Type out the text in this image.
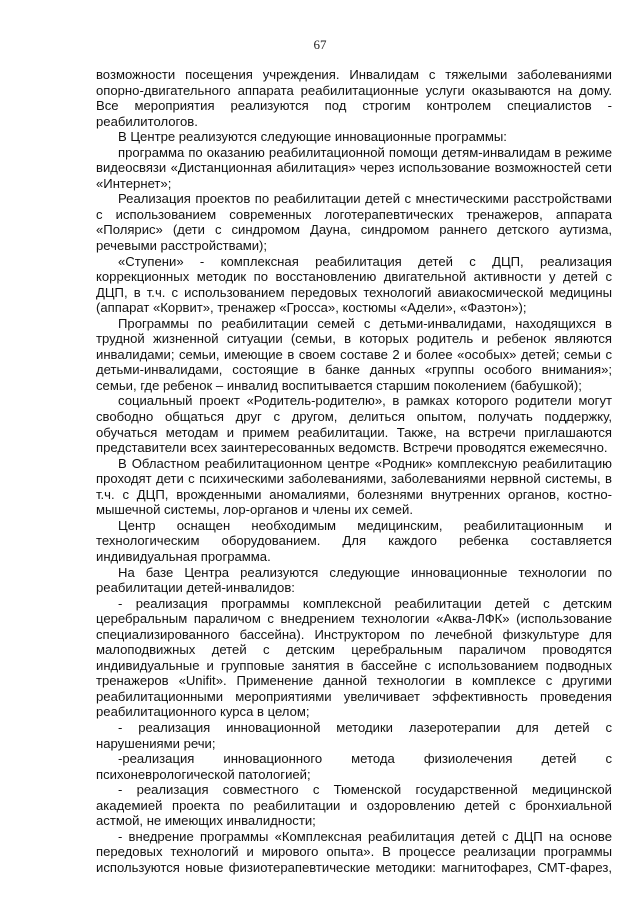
67

возможности посещения учреждения. Инвалидам с тяжелыми заболеваниями опорно-двигательного аппарата реабилитационные услуги оказываются на дому. Все мероприятия реализуются под строгим контролем специалистов - реабилитологов.

В Центре реализуются следующие инновационные программы:

программа по оказанию реабилитационной помощи детям-инвалидам в режиме видеосвязи «Дистанционная абилитация» через использование возможностей сети «Интернет»;

Реализация проектов по реабилитации детей с мнестическими расстройствами с использованием современных логотерапевтических тренажеров, аппарата «Полярис» (дети с синдромом Дауна, синдромом раннего детского аутизма, речевыми расстройствами);

«Ступени» - комплексная реабилитация детей с ДЦП, реализация коррекционных методик по восстановлению двигательной активности у детей с ДЦП, в т.ч. с использованием передовых технологий авиакосмической медицины (аппарат «Корвит», тренажер «Гросса», костюмы «Адели», «Фаэтон»);

Программы по реабилитации семей с детьми-инвалидами, находящихся в трудной жизненной ситуации (семьи, в которых родитель и ребенок являются инвалидами; семьи, имеющие в своем составе 2 и более «особых» детей; семьи с детьми-инвалидами, состоящие в банке данных «группы особого внимания»; семьи, где ребенок – инвалид воспитывается старшим поколением (бабушкой);

социальный проект «Родитель-родителю», в рамках которого родители могут свободно общаться друг с другом, делиться опытом, получать поддержку, обучаться методам и примем реабилитации. Также, на встречи приглашаются представители всех заинтересованных ведомств. Встречи проводятся ежемесячно.

В Областном реабилитационном центре «Родник» комплексную реабилитацию проходят дети с психическими заболеваниями, заболеваниями нервной системы, в т.ч. с ДЦП, врожденными аномалиями, болезнями внутренних органов, костно-мышечной системы, лор-органов и члены их семей.

Центр оснащен необходимым медицинским, реабилитационным и технологическим оборудованием. Для каждого ребенка составляется индивидуальная программа.

На базе Центра реализуются следующие инновационные технологии по реабилитации детей-инвалидов:

- реализация программы комплексной реабилитации детей с детским церебральным параличом с внедрением технологии «Аква-ЛФК» (использование специализированного бассейна). Инструктором по лечебной физкультуре для малоподвижных детей с детским церебральным параличом проводятся индивидуальные и групповые занятия в бассейне с использованием подводных тренажеров «Unifit». Применение данной технологии в комплексе с другими реабилитационными мероприятиями увеличивает эффективность проведения реабилитационного курса в целом;

- реализация инновационной методики лазеротерапии для детей с нарушениями речи;

-реализация инновационного метода физиолечения детей с психоневрологической патологией;

- реализация совместного с Тюменской государственной медицинской академией проекта по реабилитации и оздоровлению детей с бронхиальной астмой, не имеющих инвалидности;

- внедрение программы «Комплексная реабилитация детей с ДЦП на основе передовых технологий и мирового опыта». В процессе реализации программы используются новые физиотерапевтические методики: магнитофарез, СМТ-фарез,
